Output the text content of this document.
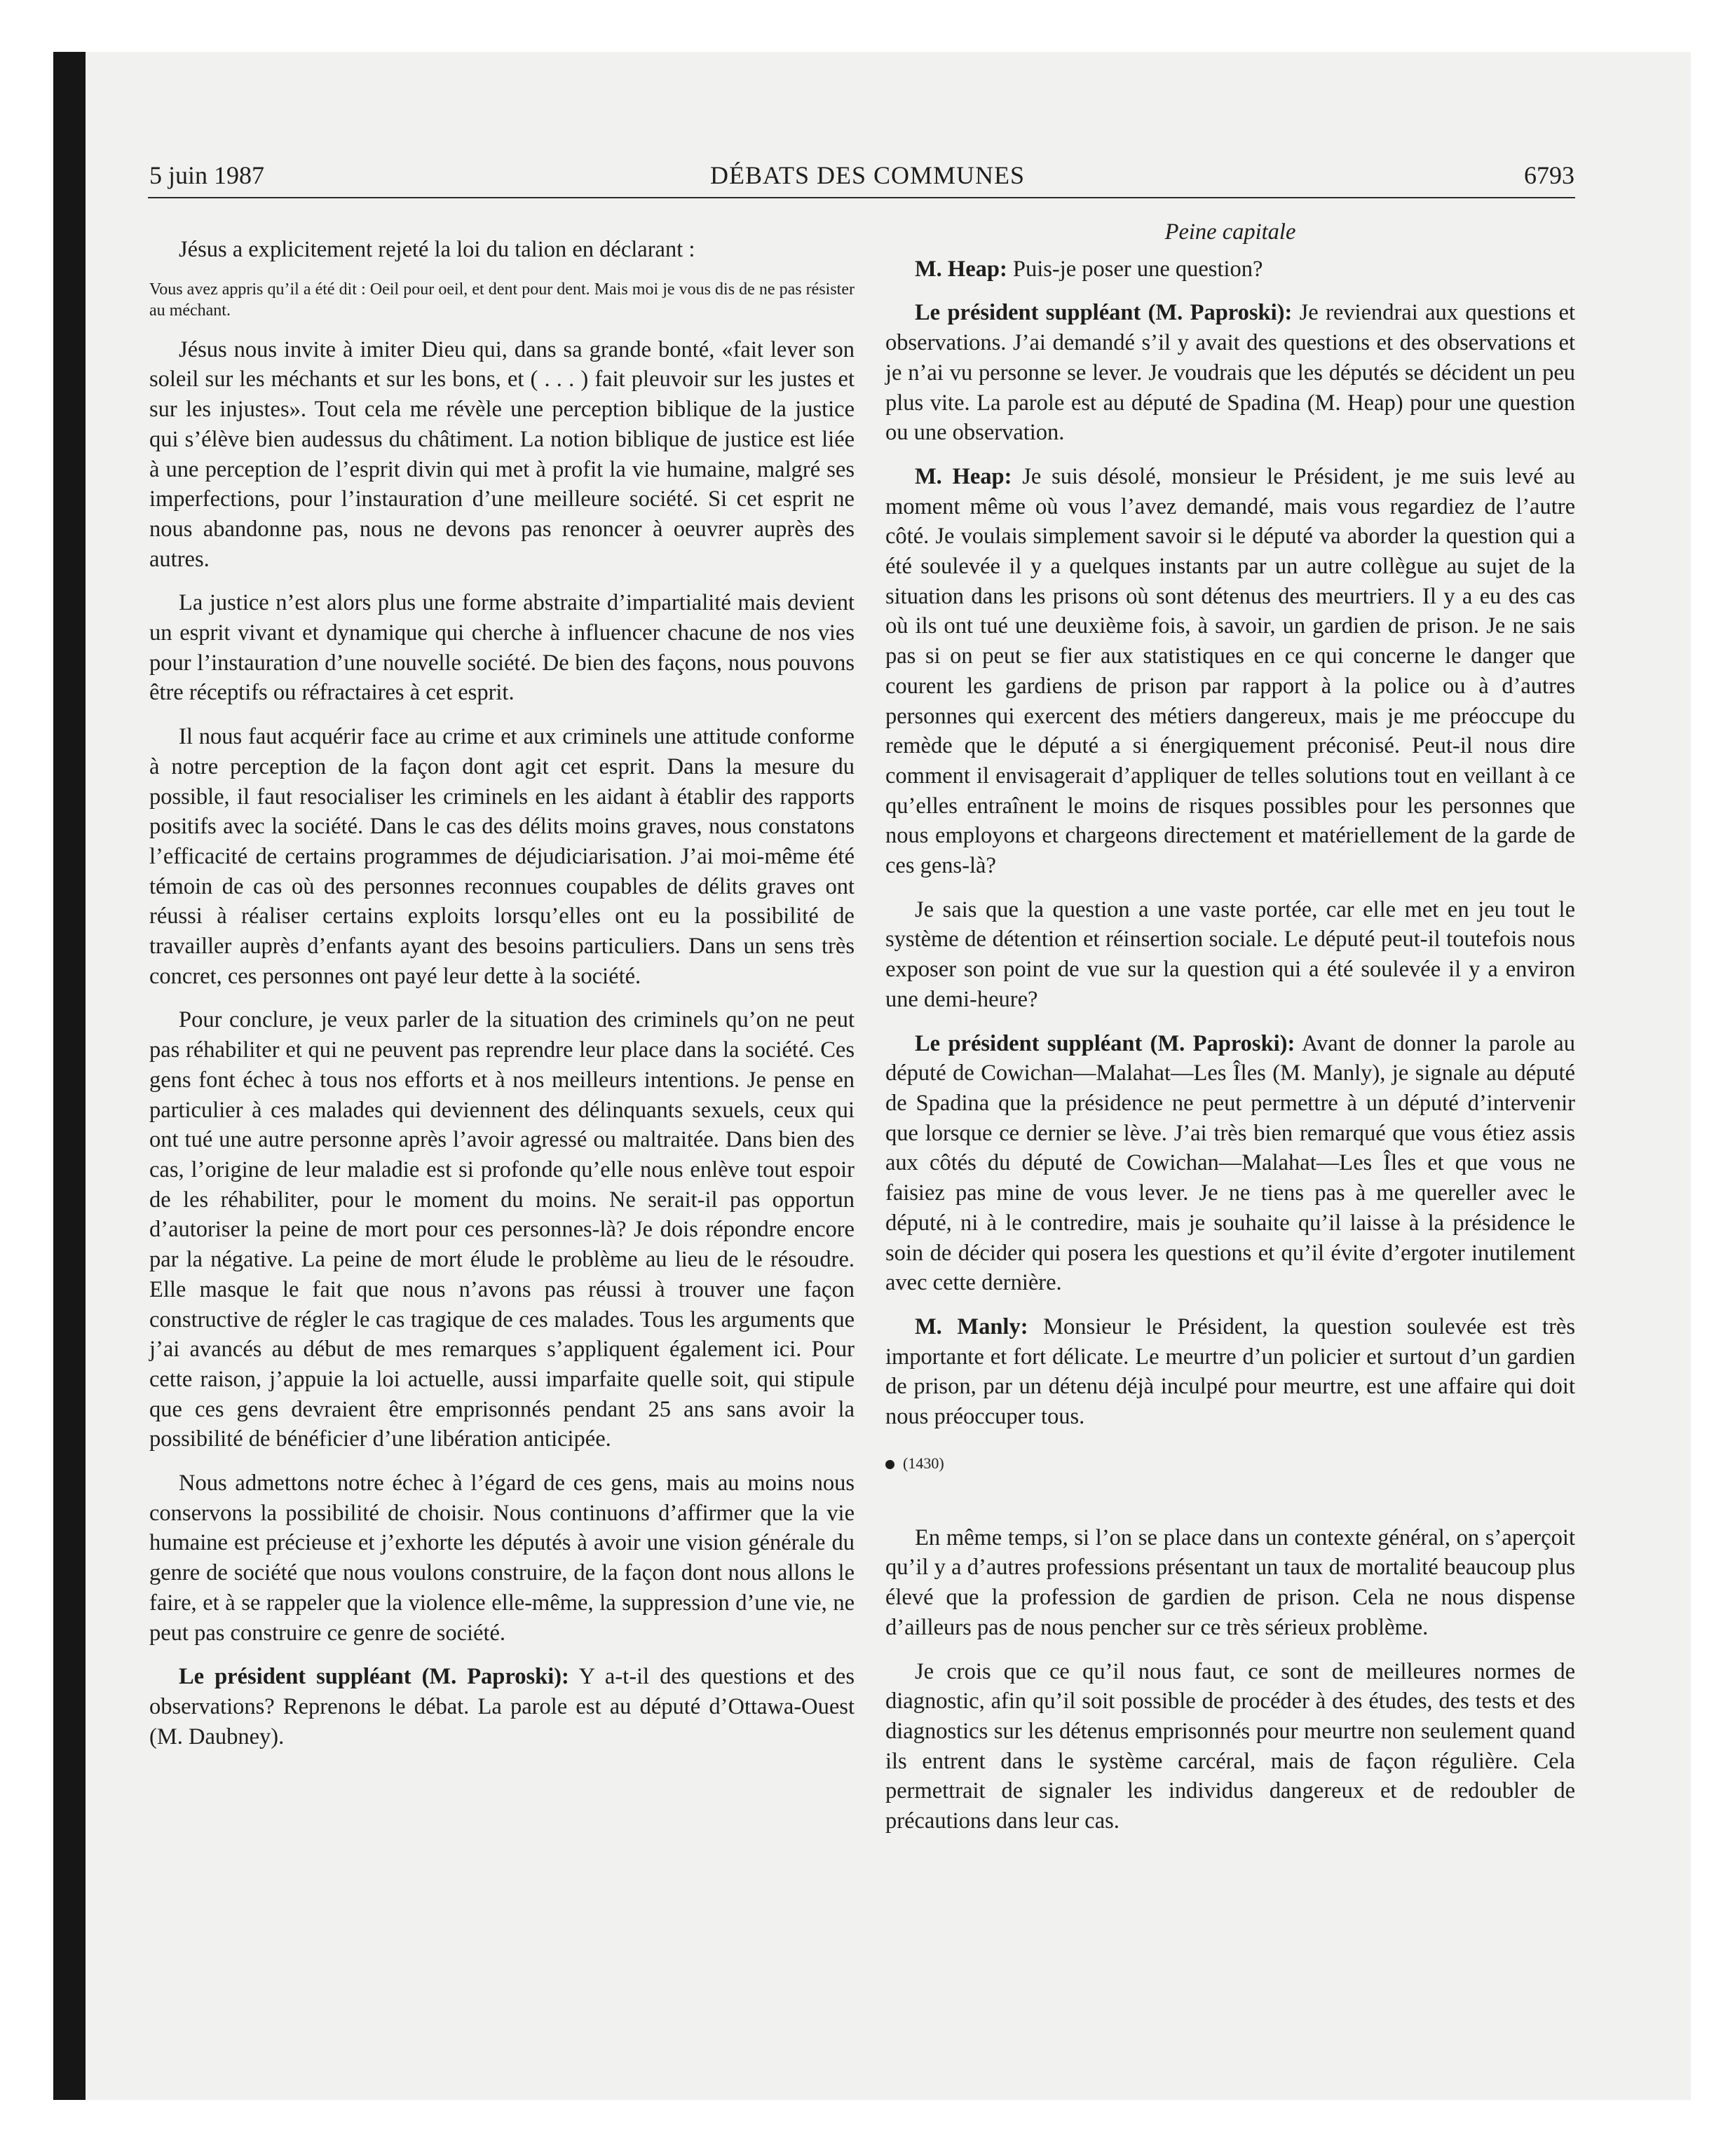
5 juin 1987	DÉBATS DES COMMUNES	6793

Jésus a explicitement rejeté la loi du talion en déclarant :

Vous avez appris qu’il a été dit : Oeil pour oeil, et dent pour dent. Mais moi je vous dis de ne pas résister au méchant.

Jésus nous invite à imiter Dieu qui, dans sa grande bonté, «fait lever son soleil sur les méchants et sur les bons, et ( . . . ) fait pleuvoir sur les justes et sur les injustes». Tout cela me révèle une perception biblique de la justice qui s’élève bien audessus du châtiment. La notion biblique de justice est liée à une perception de l’esprit divin qui met à profit la vie humaine, malgré ses imperfections, pour l’instauration d’une meilleure société. Si cet esprit ne nous abandonne pas, nous ne devons pas renoncer à oeuvrer auprès des autres.

La justice n’est alors plus une forme abstraite d’impartialité mais devient un esprit vivant et dynamique qui cherche à influencer chacune de nos vies pour l’instauration d’une nouvelle société. De bien des façons, nous pouvons être réceptifs ou réfractaires à cet esprit.

Il nous faut acquérir face au crime et aux criminels une attitude conforme à notre perception de la façon dont agit cet esprit. Dans la mesure du possible, il faut resocialiser les criminels en les aidant à établir des rapports positifs avec la société. Dans le cas des délits moins graves, nous constatons l’efficacité de certains programmes de déjudiciarisation. J’ai moi-même été témoin de cas où des personnes reconnues coupables de délits graves ont réussi à réaliser certains exploits lorsqu’elles ont eu la possibilité de travailler auprès d’enfants ayant des besoins particuliers. Dans un sens très concret, ces personnes ont payé leur dette à la société.

Pour conclure, je veux parler de la situation des criminels qu’on ne peut pas réhabiliter et qui ne peuvent pas reprendre leur place dans la société. Ces gens font échec à tous nos efforts et à nos meilleurs intentions. Je pense en particulier à ces malades qui deviennent des délinquants sexuels, ceux qui ont tué une autre personne après l’avoir agressé ou maltraitée. Dans bien des cas, l’origine de leur maladie est si profonde qu’elle nous enlève tout espoir de les réhabiliter, pour le moment du moins. Ne serait-il pas opportun d’autoriser la peine de mort pour ces personnes-là? Je dois répondre encore par la négative. La peine de mort élude le problème au lieu de le résoudre. Elle masque le fait que nous n’avons pas réussi à trouver une façon constructive de régler le cas tragique de ces malades. Tous les arguments que j’ai avancés au début de mes remarques s’appliquent également ici. Pour cette raison, j’appuie la loi actuelle, aussi imparfaite quelle soit, qui stipule que ces gens devraient être emprisonnés pendant 25 ans sans avoir la possibilité de bénéficier d’une libération anticipée.

Nous admettons notre échec à l’égard de ces gens, mais au moins nous conservons la possibilité de choisir. Nous continuons d’affirmer que la vie humaine est précieuse et j’exhorte les députés à avoir une vision générale du genre de société que nous voulons construire, de la façon dont nous allons le faire, et à se rappeler que la violence elle-même, la suppression d’une vie, ne peut pas construire ce genre de société.

Le président suppléant (M. Paproski): Y a-t-il des questions et des observations? Reprenons le débat. La parole est au député d’Ottawa-Ouest (M. Daubney).

Peine capitale

M. Heap: Puis-je poser une question?

Le président suppléant (M. Paproski): Je reviendrai aux questions et observations. J’ai demandé s’il y avait des questions et des observations et je n’ai vu personne se lever. Je voudrais que les députés se décident un peu plus vite. La parole est au député de Spadina (M. Heap) pour une question ou une observation.

M. Heap: Je suis désolé, monsieur le Président, je me suis levé au moment même où vous l’avez demandé, mais vous regardiez de l’autre côté. Je voulais simplement savoir si le député va aborder la question qui a été soulevée il y a quelques instants par un autre collègue au sujet de la situation dans les prisons où sont détenus des meurtriers. Il y a eu des cas où ils ont tué une deuxième fois, à savoir, un gardien de prison. Je ne sais pas si on peut se fier aux statistiques en ce qui concerne le danger que courent les gardiens de prison par rapport à la police ou à d’autres personnes qui exercent des métiers dangereux, mais je me préoccupe du remède que le député a si énergiquement préconisé. Peut-il nous dire comment il envisagerait d’appliquer de telles solutions tout en veillant à ce qu’elles entraînent le moins de risques possibles pour les personnes que nous employons et chargeons directement et matériellement de la garde de ces gens-là?

Je sais que la question a une vaste portée, car elle met en jeu tout le système de détention et réinsertion sociale. Le député peut-il toutefois nous exposer son point de vue sur la question qui a été soulevée il y a environ une demi-heure?

Le président suppléant (M. Paproski): Avant de donner la parole au député de Cowichan—Malahat—Les Îles (M. Manly), je signale au député de Spadina que la présidence ne peut permettre à un député d’intervenir que lorsque ce dernier se lève. J’ai très bien remarqué que vous étiez assis aux côtés du député de Cowichan—Malahat—Les Îles et que vous ne faisiez pas mine de vous lever. Je ne tiens pas à me quereller avec le député, ni à le contredire, mais je souhaite qu’il laisse à la présidence le soin de décider qui posera les questions et qu’il évite d’ergoter inutilement avec cette dernière.

M. Manly: Monsieur le Président, la question soulevée est très importante et fort délicate. Le meurtre d’un policier et surtout d’un gardien de prison, par un détenu déjà inculpé pour meurtre, est une affaire qui doit nous préoccuper tous.

(1430)

En même temps, si l’on se place dans un contexte général, on s’aperçoit qu’il y a d’autres professions présentant un taux de mortalité beaucoup plus élevé que la profession de gardien de prison. Cela ne nous dispense d’ailleurs pas de nous pencher sur ce très sérieux problème.

Je crois que ce qu’il nous faut, ce sont de meilleures normes de diagnostic, afin qu’il soit possible de procéder à des études, des tests et des diagnostics sur les détenus emprisonnés pour meurtre non seulement quand ils entrent dans le système carcéral, mais de façon régulière. Cela permettrait de signaler les individus dangereux et de redoubler de précautions dans leur cas.
